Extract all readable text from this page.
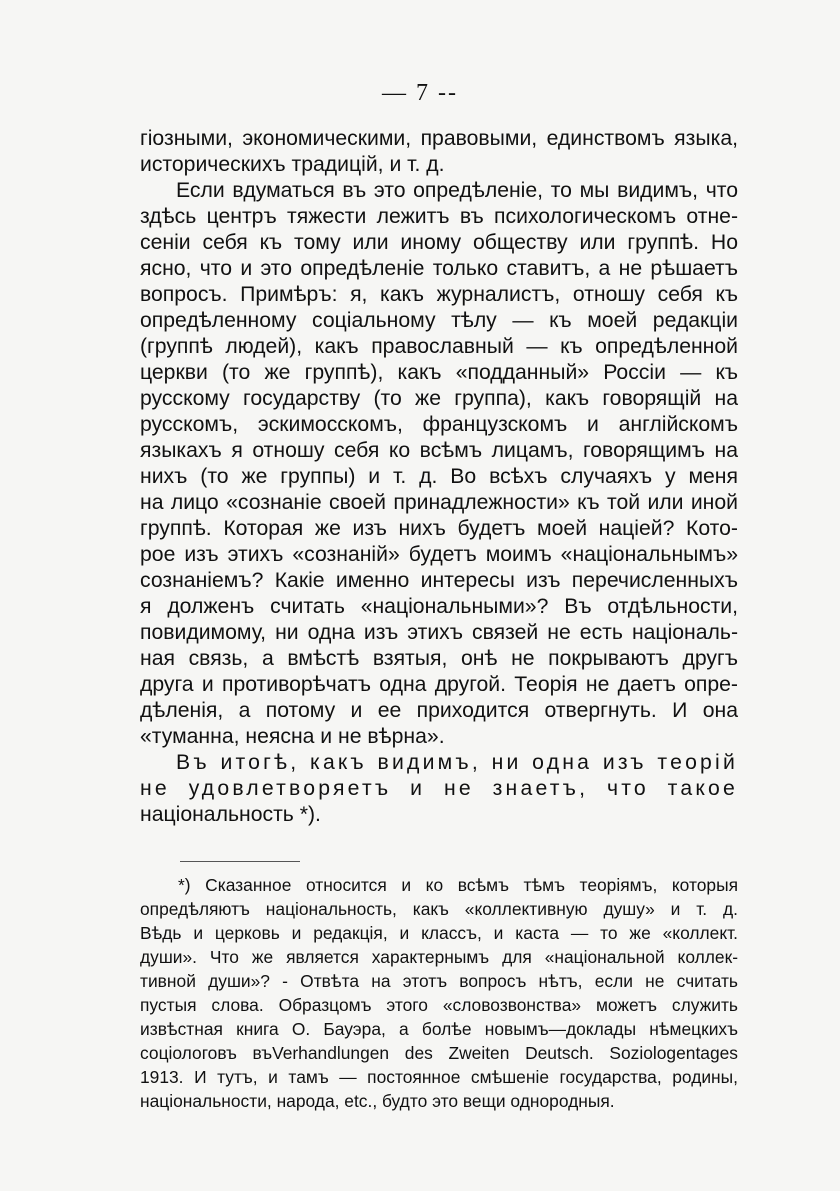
— 7 --
гіозными, экономическими, правовыми, единствомъ языка,
историческихъ традицій, и т. д.
Если вдуматься въ это опредѣленіе, то мы видимъ, что
здѣсь центръ тяжести лежитъ въ психологическомъ отне-
сеніи себя къ тому или иному обществу или группѣ. Но
ясно, что и это опредѣленіе только ставитъ, а не рѣшаетъ
вопросъ. Примѣръ: я, какъ журналистъ, отношу себя къ
опредѣленному соціальному тѣлу — къ моей редакціи
(группѣ людей), какъ православный — къ опредѣленной
церкви (то же группѣ), какъ «подданный» Россіи — къ
русскому государству (то же группа), какъ говорящій на
русскомъ, эскимосскомъ, французскомъ и англійскомъ
языкахъ я отношу себя ко всѣмъ лицамъ, говорящимъ на
нихъ (то же группы) и т. д. Во всѣхъ случаяхъ у меня
на лицо «сознаніе своей принадлежности» къ той или иной
группѣ. Которая же изъ нихъ будетъ моей націей? Кото-
рое изъ этихъ «сознаній» будетъ моимъ «національнымъ»
сознаніемъ? Какіе именно интересы изъ перечисленныхъ
я долженъ считать «національными»? Въ отдѣльности,
повидимому, ни одна изъ этихъ связей не есть національ-
ная связь, а вмѣстѣ взятыя, онѣ не покрываютъ другъ
друга и противорѣчатъ одна другой. Теорія не даетъ опре-
дѣленія, а потому и ее приходится отвергнуть. И она
«туманна, неясна и не вѣрна».
Въ итогѣ, какъ видимъ, ни одна изъ теорій
не удовлетворяетъ и не знаетъ, что такое
національность *).
*) Сказанное относится и ко всѣмъ тѣмъ теоріямъ, которыя
опредѣляютъ національность, какъ «коллективную душу» и т. д.
Вѣдь и церковь и редакція, и классъ, и каста — то же «коллект.
души». Что же является характернымъ для «національной коллек-
тивной души»? - Отвѣта на этотъ вопросъ нѣтъ, если не считать
пустыя слова. Образцомъ этого «словозвонства» можетъ служить
извѣстная книга О. Бауэра, а болѣе новымъ—доклады нѣмецкихъ
соціологовъ въVerhandlungen des Zweiten Deutsch. Soziologentages
1913. И тутъ, и тамъ — постоянное смѣшеніе государства, родины,
національности, народа, etc., будто это вещи однородныя.
